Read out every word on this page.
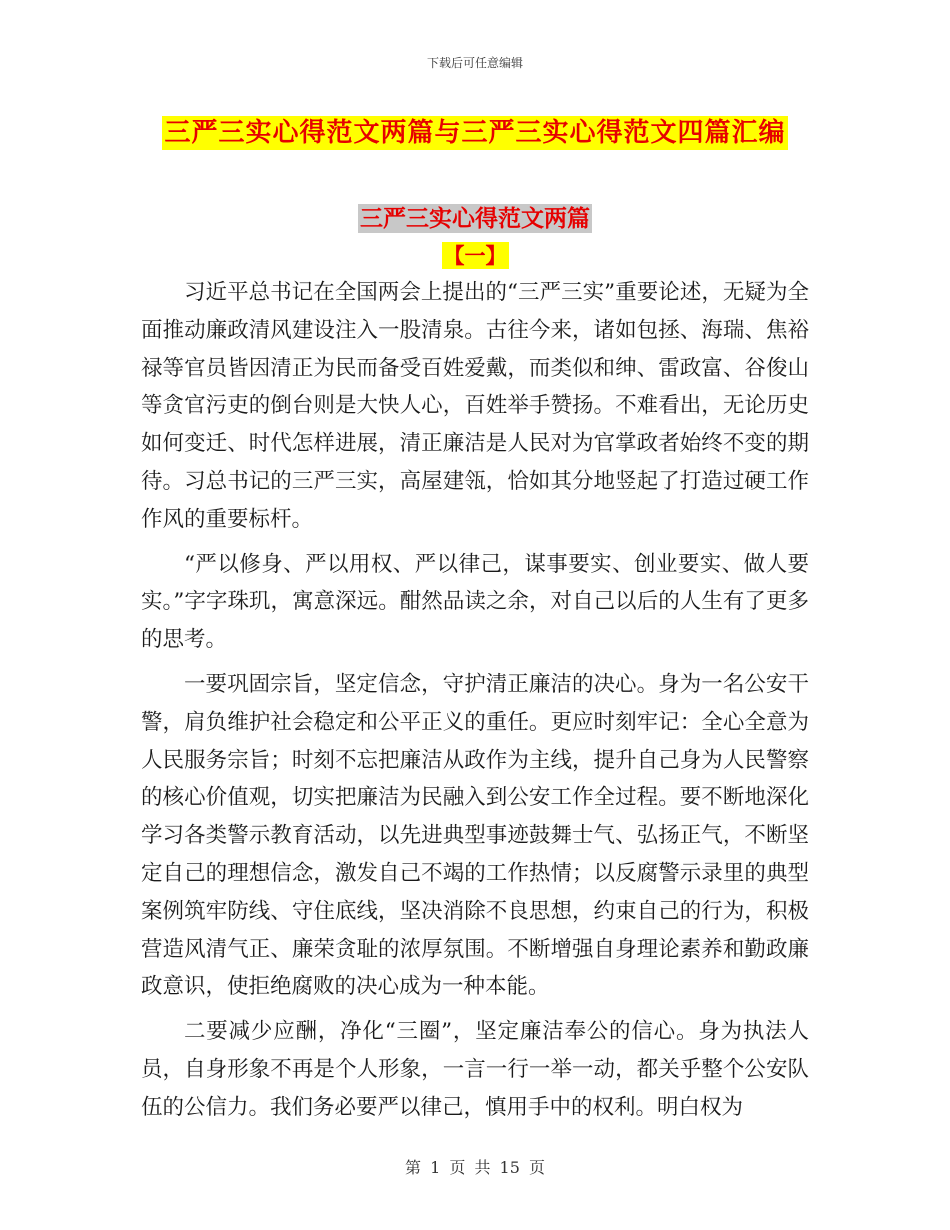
下载后可任意编辑
三严三实心得范文两篇与三严三实心得范文四篇汇编
三严三实心得范文两篇
【一】

习近平总书记在全国两会上提出的“三严三实”重要论述，无疑为全面推动廉政清风建设注入一股清泉。古往今来，诸如包拯、海瑞、焦裕禄等官员皆因清正为民而备受百姓爱戴，而类似和绅、雷政富、谷俊山等贪官污吏的倒台则是大快人心，百姓举手赞扬。不难看出，无论历史如何变迁、时代怎样进展，清正廉洁是人民对为官掌政者始终不变的期待。习总书记的三严三实，高屋建瓴，恰如其分地竖起了打造过硬工作作风的重要标杆。

“严以修身、严以用权、严以律己，谋事要实、创业要实、做人要实。”字字珠玑，寓意深远。酣然品读之余，对自己以后的人生有了更多的思考。

一要巩固宗旨，坚定信念，守护清正廉洁的决心。身为一名公安干警，肩负维护社会稳定和公平正义的重任。更应时刻牢记：全心全意为人民服务宗旨；时刻不忘把廉洁从政作为主线，提升自己身为人民警察的核心价值观，切实把廉洁为民融入到公安工作全过程。要不断地深化学习各类警示教育活动，以先进典型事迹鼓舞士气、弘扬正气，不断坚定自己的理想信念，激发自己不竭的工作热情；以反腐警示录里的典型案例筑牢防线、守住底线，坚决消除不良思想，约束自己的行为，积极营造风清气正、廉荣贪耻的浓厚氛围。不断增强自身理论素养和勤政廉政意识，使拒绝腐败的决心成为一种本能。

二要减少应酬，净化“三圈”，坚定廉洁奉公的信心。身为执法人员，自身形象不再是个人形象，一言一行一举一动，都关乎整个公安队伍的公信力。我们务必要严以律己，慎用手中的权利。明白权为

第 1 页 共 15 页
